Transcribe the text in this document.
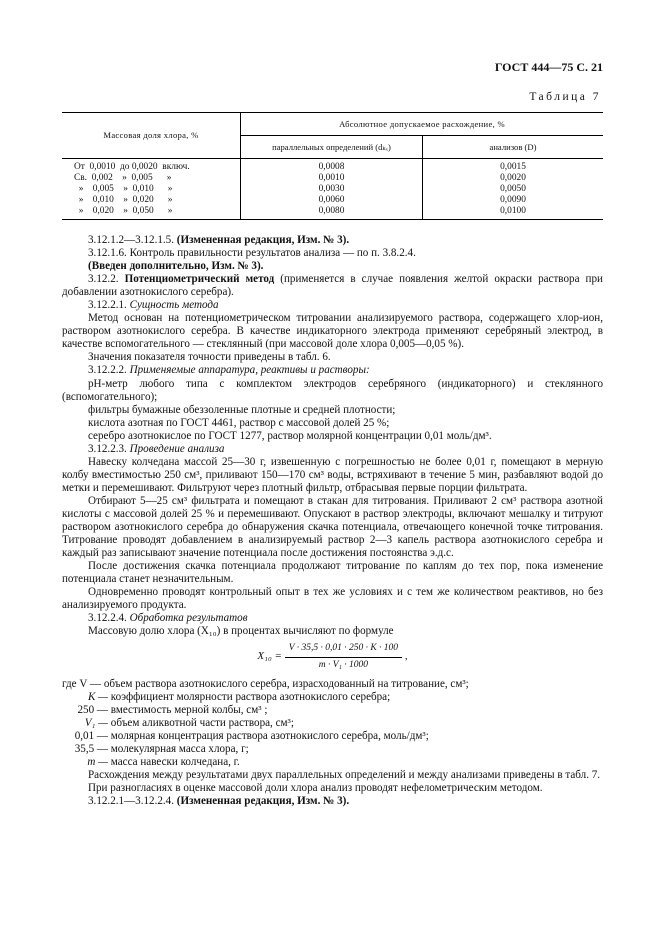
ГОСТ 444—75 С. 21
Таблица 7
Массовая доля хлора, %	Абсолютное допускаемое расхождение, %	
	параллельных определений (dₖₓ)	анализов (D)
От  0,0010  до 0,0020  включ.	0,0008	0,0015
Св.  0,002    »  0,005      »	0,0010	0,0020
»    0,005    »  0,010      »	0,0030	0,0050
»    0,010    »  0,020      »	0,0060	0,0090
»    0,020    »  0,050      »	0,0080	0,0100

3.12.1.2—3.12.1.5. (Измененная редакция, Изм. № 3).

3.12.1.6. Контроль правильности результатов анализа — по п. 3.8.2.4.

(Введен дополнительно, Изм. № 3).

3.12.2. Потенциометрический метод (применяется в случае появления желтой окраски раствора при добавлении азотнокислого серебра).

3.12.2.1. Сущность метода

Метод основан на потенциометрическом титровании анализируемого раствора, содержащего хлор-ион, раствором азотнокислого серебра. В качестве индикаторного электрода применяют серебряный электрод, в качестве вспомогательного — стеклянный (при массовой доле хлора 0,005—0,05 %).

Значения показателя точности приведены в табл. 6.

3.12.2.2. Применяемые аппаратура, реактивы и растворы:

pH-метр любого типа с комплектом электродов серебряного (индикаторного) и стеклянного (вспомогательного);

фильтры бумажные обеззоленные плотные и средней плотности;

кислота азотная по ГОСТ 4461, раствор с массовой долей 25 %;

серебро азотнокислое по ГОСТ 1277, раствор молярной концентрации 0,01 моль/дм³.

3.12.2.3. Проведение анализа

Навеску колчедана массой 25—30 г, извешенную с погрешностью не более 0,01 г, помещают в мерную колбу вместимостью 250 см³, приливают 150—170 см³ воды, встряхивают в течение 5 мин, разбавляют водой до метки и перемешивают. Фильтруют через плотный фильтр, отбрасывая первые порции фильтрата.

Отбирают 5—25 см³ фильтрата и помещают в стакан для титрования. Приливают 2 см³ раствора азотной кислоты с массовой долей 25 % и перемешивают. Опускают в раствор электроды, включают мешалку и титруют раствором азотнокислого серебра до обнаружения скачка потенциала, отвечающего конечной точке титрования. Титрование проводят добавлением в анализируемый раствор 2—3 капель раствора азотнокислого серебра и каждый раз записывают значение потенциала после достижения постоянства э.д.с.

После достижения скачка потенциала продолжают титрование по каплям до тех пор, пока изменение потенциала станет незначительным.

Одновременно проводят контрольный опыт в тех же условиях и с тем же количеством реактивов, но без анализируемого продукта.

3.12.2.4. Обработка результатов

Массовую долю хлора (X₁₀) в процентах вычисляют по формуле

$X_{10} = \frac{V \cdot 35,5 \cdot 0,01 \cdot 250 \cdot K \cdot 100}{\text{m · V₁ · 1000}}$ ,

где V — объем раствора азотнокислого серебра, израсходованный на титрование, см³;

K — коэффициент молярности раствора азотнокислого серебра;

250 — вместимость мерной колбы, см³ ;

V₁ — объем аликвотной части раствора, см³;

0,01 — молярная концентрация раствора азотнокислого серебра, моль/дм³;

35,5 — молекулярная масса хлора, г;

m — масса навески колчедана, г.

Расхождения между результатами двух параллельных определений и между анализами приведены в табл. 7.

При разногласиях в оценке массовой доли хлора анализ проводят нефелометрическим методом.

3.12.2.1—3.12.2.4. (Измененная редакция, Изм. № 3).
